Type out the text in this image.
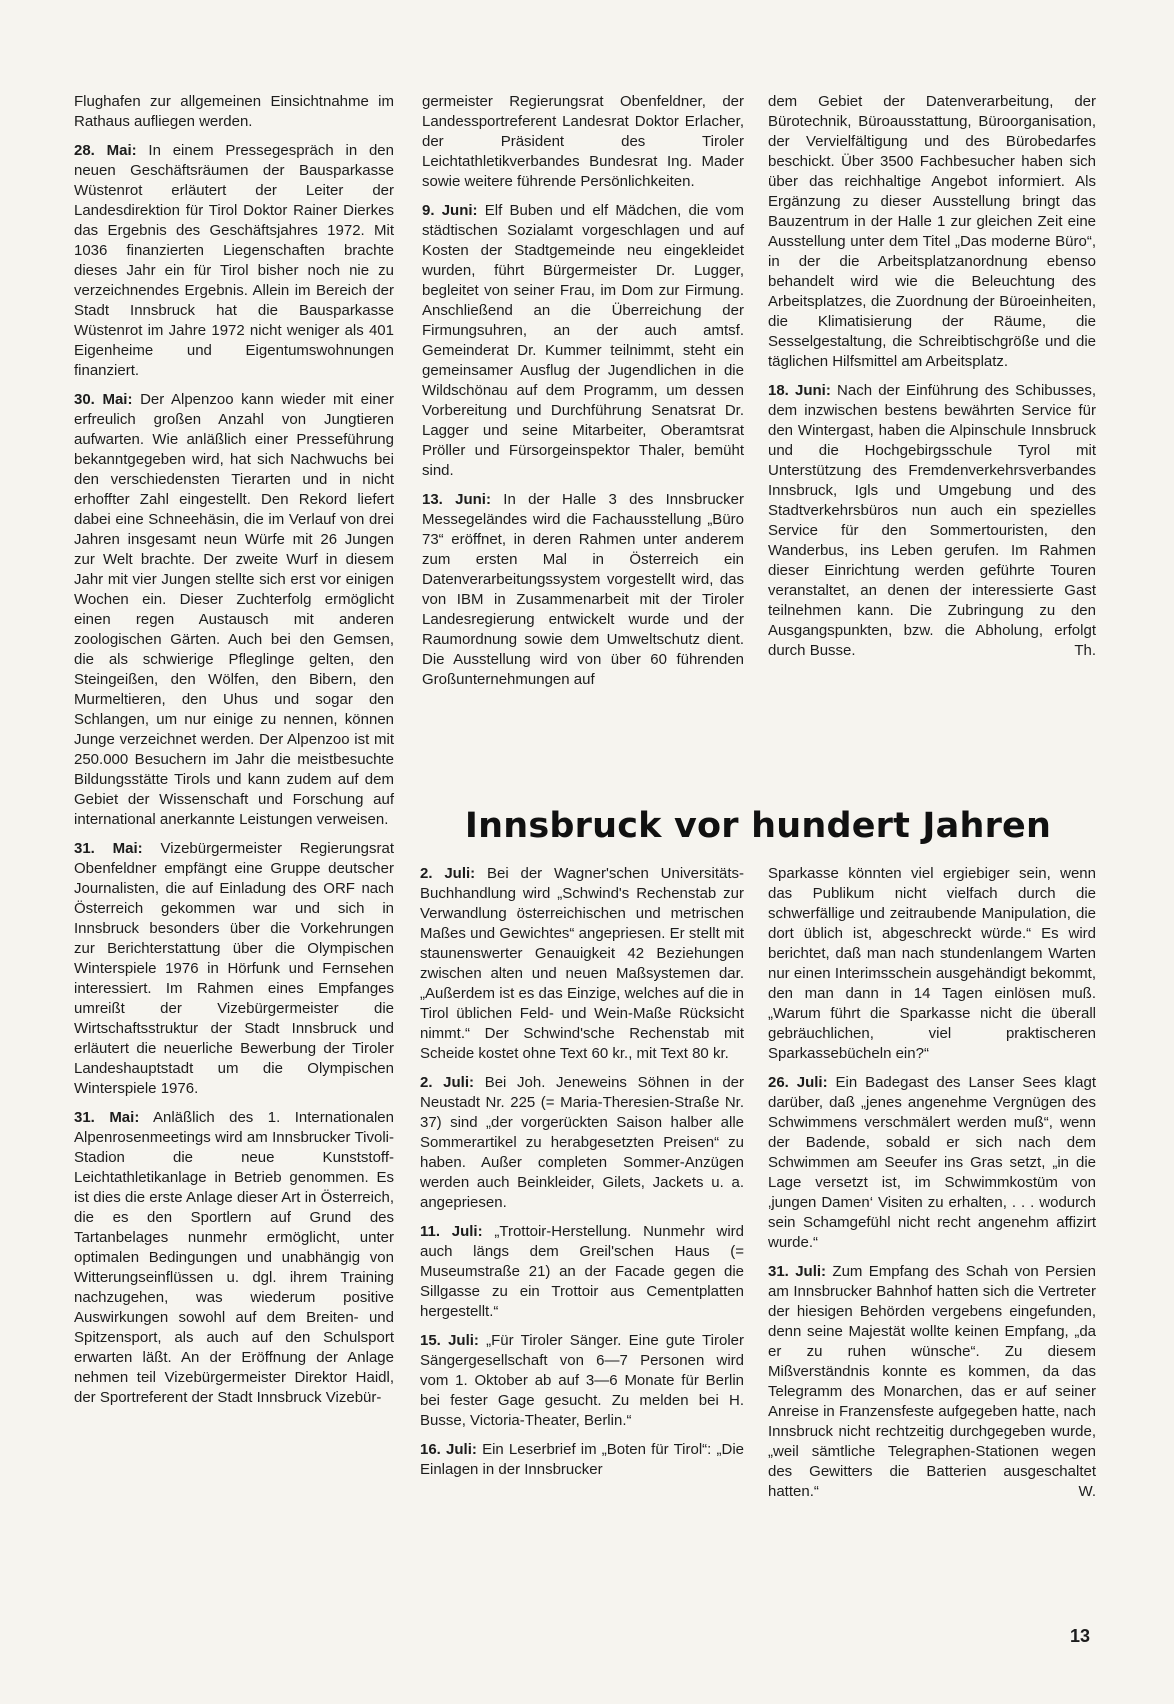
Flughafen zur allgemeinen Einsichtnahme im Rathaus aufliegen werden.

28. Mai: In einem Pressegespräch in den neuen Geschäftsräumen der Bausparkasse Wüstenrot erläutert der Leiter der Landesdirektion für Tirol Doktor Rainer Dierkes das Ergebnis des Geschäftsjahres 1972. Mit 1036 finanzierten Liegenschaften brachte dieses Jahr ein für Tirol bisher noch nie zu verzeichnendes Ergebnis. Allein im Bereich der Stadt Innsbruck hat die Bausparkasse Wüstenrot im Jahre 1972 nicht weniger als 401 Eigenheime und Eigentumswohnungen finanziert.

30. Mai: Der Alpenzoo kann wieder mit einer erfreulich großen Anzahl von Jungtieren aufwarten. Wie anläßlich einer Presseführung bekanntgegeben wird, hat sich Nachwuchs bei den verschiedensten Tierarten und in nicht erhoffter Zahl eingestellt. Den Rekord liefert dabei eine Schneehäsin, die im Verlauf von drei Jahren insgesamt neun Würfe mit 26 Jungen zur Welt brachte. Der zweite Wurf in diesem Jahr mit vier Jungen stellte sich erst vor einigen Wochen ein. Dieser Zuchterfolg ermöglicht einen regen Austausch mit anderen zoologischen Gärten. Auch bei den Gemsen, die als schwierige Pfleglinge gelten, den Steingeißen, den Wölfen, den Bibern, den Murmeltieren, den Uhus und sogar den Schlangen, um nur einige zu nennen, können Junge verzeichnet werden. Der Alpenzoo ist mit 250.000 Besuchern im Jahr die meistbesuchte Bildungsstätte Tirols und kann zudem auf dem Gebiet der Wissenschaft und Forschung auf international anerkannte Leistungen verweisen.

31. Mai: Vizebürgermeister Regierungsrat Obenfeldner empfängt eine Gruppe deutscher Journalisten, die auf Einladung des ORF nach Österreich gekommen war und sich in Innsbruck besonders über die Vorkehrungen zur Berichterstattung über die Olympischen Winterspiele 1976 in Hörfunk und Fernsehen interessiert. Im Rahmen eines Empfanges umreißt der Vizebürgermeister die Wirtschaftsstruktur der Stadt Innsbruck und erläutert die neuerliche Bewerbung der Tiroler Landeshauptstadt um die Olympischen Winterspiele 1976.

31. Mai: Anläßlich des 1. Internationalen Alpenrosenmeetings wird am Innsbrucker Tivoli-Stadion die neue Kunststoff-Leichtathletikanlage in Betrieb genommen. Es ist dies die erste Anlage dieser Art in Österreich, die es den Sportlern auf Grund des Tartanbelages nunmehr ermöglicht, unter optimalen Bedingungen und unabhängig von Witterungseinflüssen u. dgl. ihrem Training nachzugehen, was wiederum positive Auswirkungen sowohl auf dem Breiten- und Spitzensport, als auch auf den Schulsport erwarten läßt. An der Eröffnung der Anlage nehmen teil Vizebürgermeister Direktor Haidl, der Sportreferent der Stadt Innsbruck Vizebür-

germeister Regierungsrat Obenfeldner, der Landessportreferent Landesrat Doktor Erlacher, der Präsident des Tiroler Leichtathletikverbandes Bundesrat Ing. Mader sowie weitere führende Persönlichkeiten.

9. Juni: Elf Buben und elf Mädchen, die vom städtischen Sozialamt vorgeschlagen und auf Kosten der Stadtgemeinde neu eingekleidet wurden, führt Bürgermeister Dr. Lugger, begleitet von seiner Frau, im Dom zur Firmung. Anschließend an die Überreichung der Firmungsuhren, an der auch amtsf. Gemeinderat Dr. Kummer teilnimmt, steht ein gemeinsamer Ausflug der Jugendlichen in die Wildschönau auf dem Programm, um dessen Vorbereitung und Durchführung Senatsrat Dr. Lagger und seine Mitarbeiter, Oberamtsrat Pröller und Fürsorgeinspektor Thaler, bemüht sind.

13. Juni: In der Halle 3 des Innsbrucker Messegeländes wird die Fachausstellung „Büro 73“ eröffnet, in deren Rahmen unter anderem zum ersten Mal in Österreich ein Datenverarbeitungssystem vorgestellt wird, das von IBM in Zusammenarbeit mit der Tiroler Landesregierung entwickelt wurde und der Raumordnung sowie dem Umweltschutz dient. Die Ausstellung wird von über 60 führenden Großunternehmungen auf

dem Gebiet der Datenverarbeitung, der Bürotechnik, Büroausstattung, Büroorganisation, der Vervielfältigung und des Bürobedarfes beschickt. Über 3500 Fachbesucher haben sich über das reichhaltige Angebot informiert. Als Ergänzung zu dieser Ausstellung bringt das Bauzentrum in der Halle 1 zur gleichen Zeit eine Ausstellung unter dem Titel „Das moderne Büro“, in der die Arbeitsplatzanordnung ebenso behandelt wird wie die Beleuchtung des Arbeitsplatzes, die Zuordnung der Büroeinheiten, die Klimatisierung der Räume, die Sesselgestaltung, die Schreibtischgröße und die täglichen Hilfsmittel am Arbeitsplatz.

18. Juni: Nach der Einführung des Schibusses, dem inzwischen bestens bewährten Service für den Wintergast, haben die Alpinschule Innsbruck und die Hochgebirgsschule Tyrol mit Unterstützung des Fremdenverkehrsverbandes Innsbruck, Igls und Umgebung und des Stadtverkehrsbüros nun auch ein spezielles Service für den Sommertouristen, den Wanderbus, ins Leben gerufen. Im Rahmen dieser Einrichtung werden geführte Touren veranstaltet, an denen der interessierte Gast teilnehmen kann. Die Zubringung zu den Ausgangspunkten, bzw. die Abholung, erfolgt durch Busse.	Th.

Innsbruck vor hundert Jahren

2. Juli: Bei der Wagner'schen Universitäts-Buchhandlung wird „Schwind's Rechenstab zur Verwandlung österreichischen und metrischen Maßes und Gewichtes“ angepriesen. Er stellt mit staunenswerter Genauigkeit 42 Beziehungen zwischen alten und neuen Maßsystemen dar. „Außerdem ist es das Einzige, welches auf die in Tirol üblichen Feld- und Wein-Maße Rücksicht nimmt.“ Der Schwind'sche Rechenstab mit Scheide kostet ohne Text 60 kr., mit Text 80 kr.

2. Juli: Bei Joh. Jeneweins Söhnen in der Neustadt Nr. 225 (= Maria-Theresien-Straße Nr. 37) sind „der vorgerückten Saison halber alle Sommerartikel zu herabgesetzten Preisen“ zu haben. Außer completen Sommer-Anzügen werden auch Beinkleider, Gilets, Jackets u. a. angepriesen.

11. Juli: „Trottoir-Herstellung. Nunmehr wird auch längs dem Greil'schen Haus (= Museumstraße 21) an der Facade gegen die Sillgasse zu ein Trottoir aus Cementplatten hergestellt.“

15. Juli: „Für Tiroler Sänger. Eine gute Tiroler Sängergesellschaft von 6—7 Personen wird vom 1. Oktober ab auf 3—6 Monate für Berlin bei fester Gage gesucht. Zu melden bei H. Busse, Victoria-Theater, Berlin.“

16. Juli: Ein Leserbrief im „Boten für Tirol“: „Die Einlagen in der Innsbrucker

Sparkasse könnten viel ergiebiger sein, wenn das Publikum nicht vielfach durch die schwerfällige und zeitraubende Manipulation, die dort üblich ist, abgeschreckt würde.“ Es wird berichtet, daß man nach stundenlangem Warten nur einen Interimsschein ausgehändigt bekommt, den man dann in 14 Tagen einlösen muß. „Warum führt die Sparkasse nicht die überall gebräuchlichen, viel praktischeren Sparkassebücheln ein?“

26. Juli: Ein Badegast des Lanser Sees klagt darüber, daß „jenes angenehme Vergnügen des Schwimmens verschmälert werden muß“, wenn der Badende, sobald er sich nach dem Schwimmen am Seeufer ins Gras setzt, „in die Lage versetzt ist, im Schwimmkostüm von ‚jungen Damen‘ Visiten zu erhalten, . . . wodurch sein Schamgefühl nicht recht angenehm affizirt wurde.“

31. Juli: Zum Empfang des Schah von Persien am Innsbrucker Bahnhof hatten sich die Vertreter der hiesigen Behörden vergebens eingefunden, denn seine Majestät wollte keinen Empfang, „da er zu ruhen wünsche“. Zu diesem Mißverständnis konnte es kommen, da das Telegramm des Monarchen, das er auf seiner Anreise in Franzensfeste aufgegeben hatte, nach Innsbruck nicht rechtzeitig durchgegeben wurde, „weil sämtliche Telegraphen-Stationen wegen des Gewitters die Batterien ausgeschaltet hatten.“	W.

13
